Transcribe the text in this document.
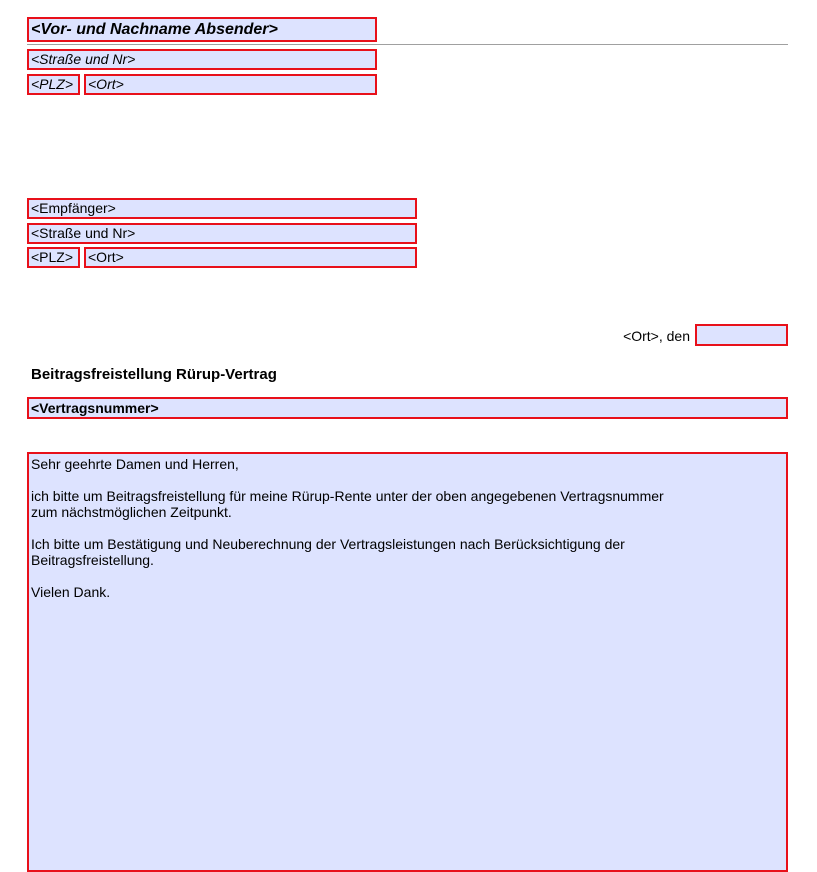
<Vor- und Nachname Absender>
<Straße und Nr>
<PLZ>	<Ort>
<Empfänger>
<Straße und Nr>
<PLZ>	<Ort>
<Ort>, den
Beitragsfreistellung Rürup-Vertrag
<Vertragsnummer>

Sehr geehrte Damen und Herren,

ich bitte um Beitragsfreistellung für meine Rürup-Rente unter der oben angegebenen Vertragsnummer
zum nächstmöglichen Zeitpunkt.

Ich bitte um Bestätigung und Neuberechnung der Vertragsleistungen nach Berücksichtigung der
Beitragsfreistellung.

Vielen Dank.
